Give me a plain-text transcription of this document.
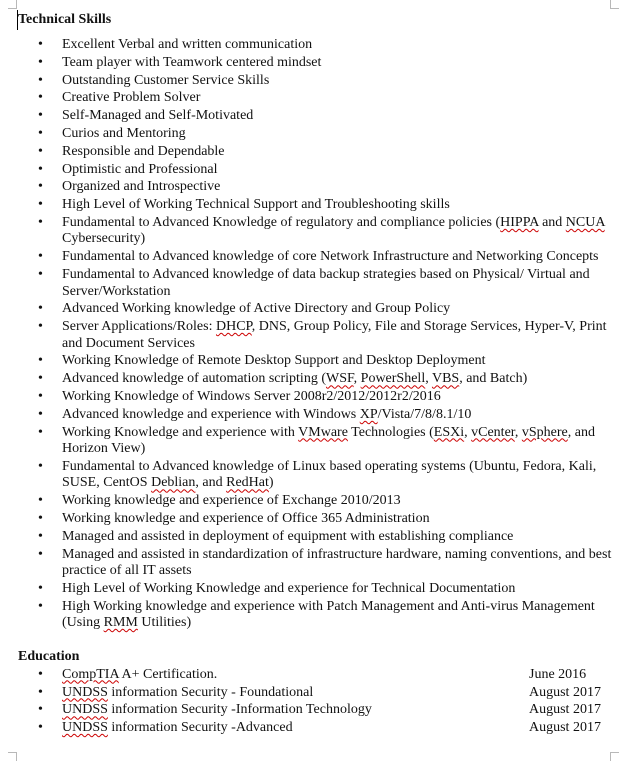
Technical Skills

• Excellent Verbal and written communication
• Team player with Teamwork centered mindset
• Outstanding Customer Service Skills
• Creative Problem Solver
• Self-Managed and Self-Motivated
• Curios and Mentoring
• Responsible and Dependable
• Optimistic and Professional
• Organized and Introspective
• High Level of Working Technical Support and Troubleshooting skills
• Fundamental to Advanced Knowledge of regulatory and compliance policies (HIPPA and NCUA Cybersecurity)
• Fundamental to Advanced knowledge of core Network Infrastructure and Networking Concepts
• Fundamental to Advanced knowledge of data backup strategies based on Physical/ Virtual and Server/Workstation
• Advanced Working knowledge of Active Directory and Group Policy
• Server Applications/Roles: DHCP, DNS, Group Policy, File and Storage Services, Hyper-V, Print and Document Services
• Working Knowledge of Remote Desktop Support and Desktop Deployment
• Advanced knowledge of automation scripting (WSF, PowerShell, VBS, and Batch)
• Working Knowledge of Windows Server 2008r2/2012/2012r2/2016
• Advanced knowledge and experience with Windows XP/Vista/7/8/8.1/10
• Working Knowledge and experience with VMware Technologies (ESXi, vCenter, vSphere, and Horizon View)
• Fundamental to Advanced knowledge of Linux based operating systems (Ubuntu, Fedora, Kali, SUSE, CentOS Deblian, and RedHat)
• Working knowledge and experience of Exchange 2010/2013
• Working knowledge and experience of Office 365 Administration
• Managed and assisted in deployment of equipment with establishing compliance
• Managed and assisted in standardization of infrastructure hardware, naming conventions, and best practice of all IT assets
• High Level of Working Knowledge and experience for Technical Documentation
• High Working knowledge and experience with Patch Management and Anti-virus Management (Using RMM Utilities)

Education

• CompTIA A+ Certification.	June 2016
• UNDSS information Security - Foundational	August 2017
• UNDSS information Security -Information Technology	August 2017
• UNDSS information Security -Advanced	August 2017
